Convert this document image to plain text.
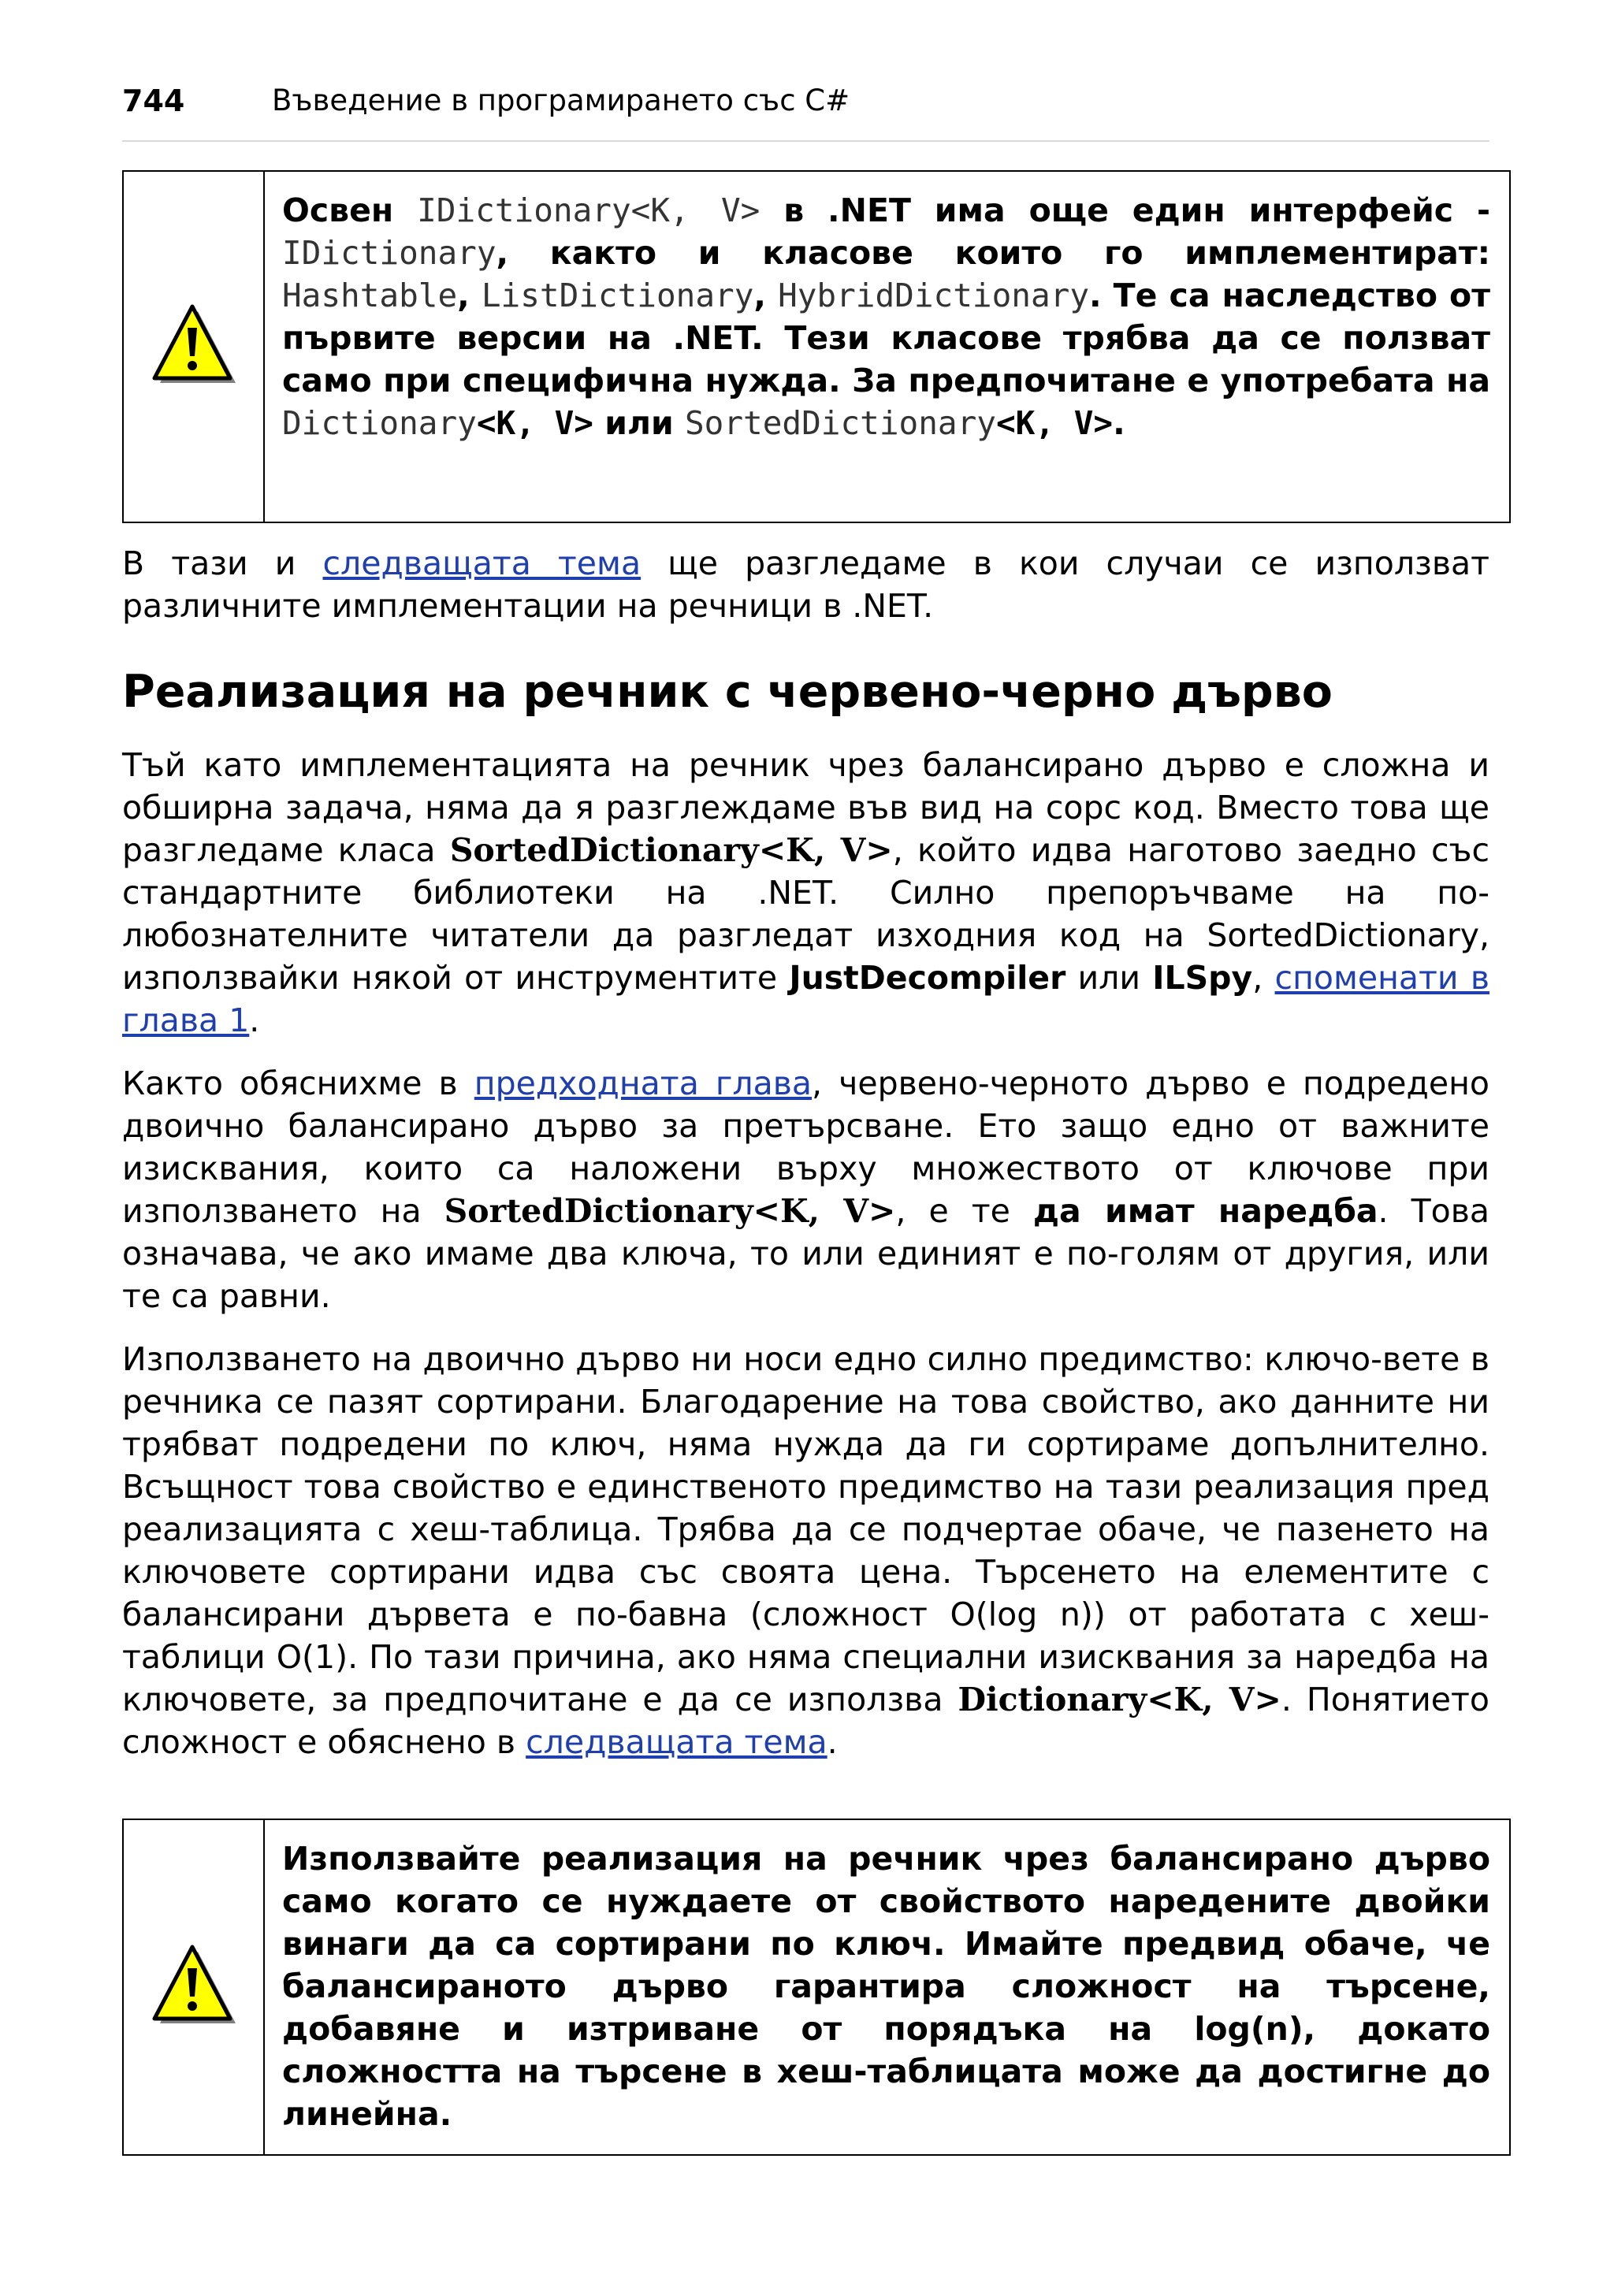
744	Въведение в програмирането със C#
Освен IDictionary<K, V> в .NET има още един интерфейс - IDictionary, както и класове които го имплементират: Hashtable, ListDictionary, HybridDictionary. Те са наследство от първите версии на .NET. Тези класове трябва да се ползват само при специфична нужда. За предпочитане е употребата на Dictionary<K, V> или SortedDictionary<K, V>.
В тази и следващата тема ще разгледаме в кои случаи се използват различните имплементации на речници в .NET.
Реализация на речник с червено-черно дърво
Тъй като имплементацията на речник чрез балансирано дърво е сложна и обширна задача, няма да я разглеждаме във вид на сорс код. Вместо това ще разгледаме класа SortedDictionary<K, V>, който идва наготово заедно със стандартните библиотеки на .NET. Силно препоръчваме на по-любознателните читатели да разгледат изходния код на SortedDictionary, използвайки някой от инструментите JustDecompiler или ILSpy, споменати в глава 1.
Както обяснихме в предходната глава, червено-черното дърво е подредено двоично балансирано дърво за претърсване. Ето защо едно от важните изисквания, които са наложени върху множеството от ключове при използването на SortedDictionary<K, V>, е те да имат наредба. Това означава, че ако имаме два ключа, то или единият е по-голям от другия, или те са равни.
Използването на двоично дърво ни носи едно силно предимство: ключо-вете в речника се пазят сортирани. Благодарение на това свойство, ако данните ни трябват подредени по ключ, няма нужда да ги сортираме допълнително. Всъщност това свойство е единственото предимство на тази реализация пред реализацията с хеш-таблица. Трябва да се подчертае обаче, че пазенето на ключовете сортирани идва със своята цена. Търсенето на елементите с балансирани дървета е по-бавна (сложност O(log n)) от работата с хеш-таблици O(1). По тази причина, ако няма специални изисквания за наредба на ключовете, за предпочитане е да се използва Dictionary<K, V>. Понятието сложност е обяснено в следващата тема.
Използвайте реализация на речник чрез балансирано дърво само когато се нуждаете от свойството наредените двойки винаги да са сортирани по ключ. Имайте предвид обаче, че балансираното дърво гарантира сложност на търсене, добавяне и изтриване от порядъка на log(n), докато сложността на търсене в хеш-таблицата може да достигне до линейна.
